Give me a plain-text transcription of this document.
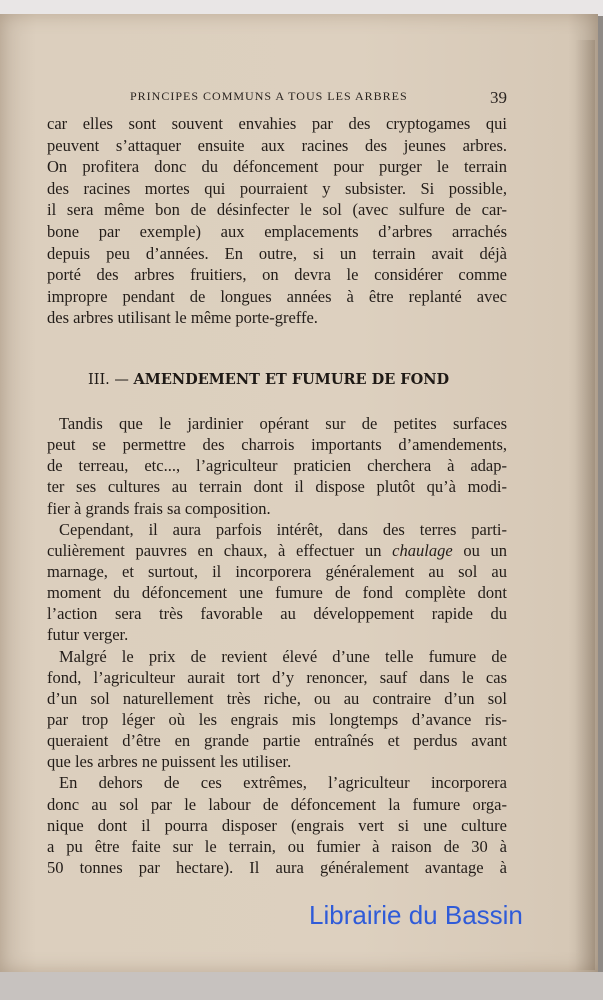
PRINCIPES COMMUNS A TOUS LES ARBRES	39
car elles sont souvent envahies par des cryptogames qui
peuvent s’attaquer ensuite aux racines des jeunes arbres.
On profitera donc du défoncement pour purger le terrain
des racines mortes qui pourraient y subsister. Si possible,
il sera même bon de désinfecter le sol (avec sulfure de car-
bone par exemple) aux emplacements d’arbres arrachés
depuis peu d’années. En outre, si un terrain avait déjà
porté des arbres fruitiers, on devra le considérer comme
impropre pendant de longues années à être replanté avec
des arbres utilisant le même porte-greffe.
III. — AMENDEMENT ET FUMURE DE FOND
Tandis que le jardinier opérant sur de petites surfaces
peut se permettre des charrois importants d’amendements,
de terreau, etc..., l’agriculteur praticien cherchera à adap-
ter ses cultures au terrain dont il dispose plutôt qu’à modi-
fier à grands frais sa composition.
Cependant, il aura parfois intérêt, dans des terres parti-
culièrement pauvres en chaux, à effectuer un chaulage ou un
marnage, et surtout, il incorporera généralement au sol au
moment du défoncement une fumure de fond complète dont
l’action sera très favorable au développement rapide du
futur verger.
Malgré le prix de revient élevé d’une telle fumure de
fond, l’agriculteur aurait tort d’y renoncer, sauf dans le cas
d’un sol naturellement très riche, ou au contraire d’un sol
par trop léger où les engrais mis longtemps d’avance ris-
queraient d’être en grande partie entraînés et perdus avant
que les arbres ne puissent les utiliser.
En dehors de ces extrêmes, l’agriculteur incorporera
donc au sol par le labour de défoncement la fumure orga-
nique dont il pourra disposer (engrais vert si une culture
a pu être faite sur le terrain, ou fumier à raison de 30 à
50 tonnes par hectare). Il aura généralement avantage à
Librairie du Bassin
